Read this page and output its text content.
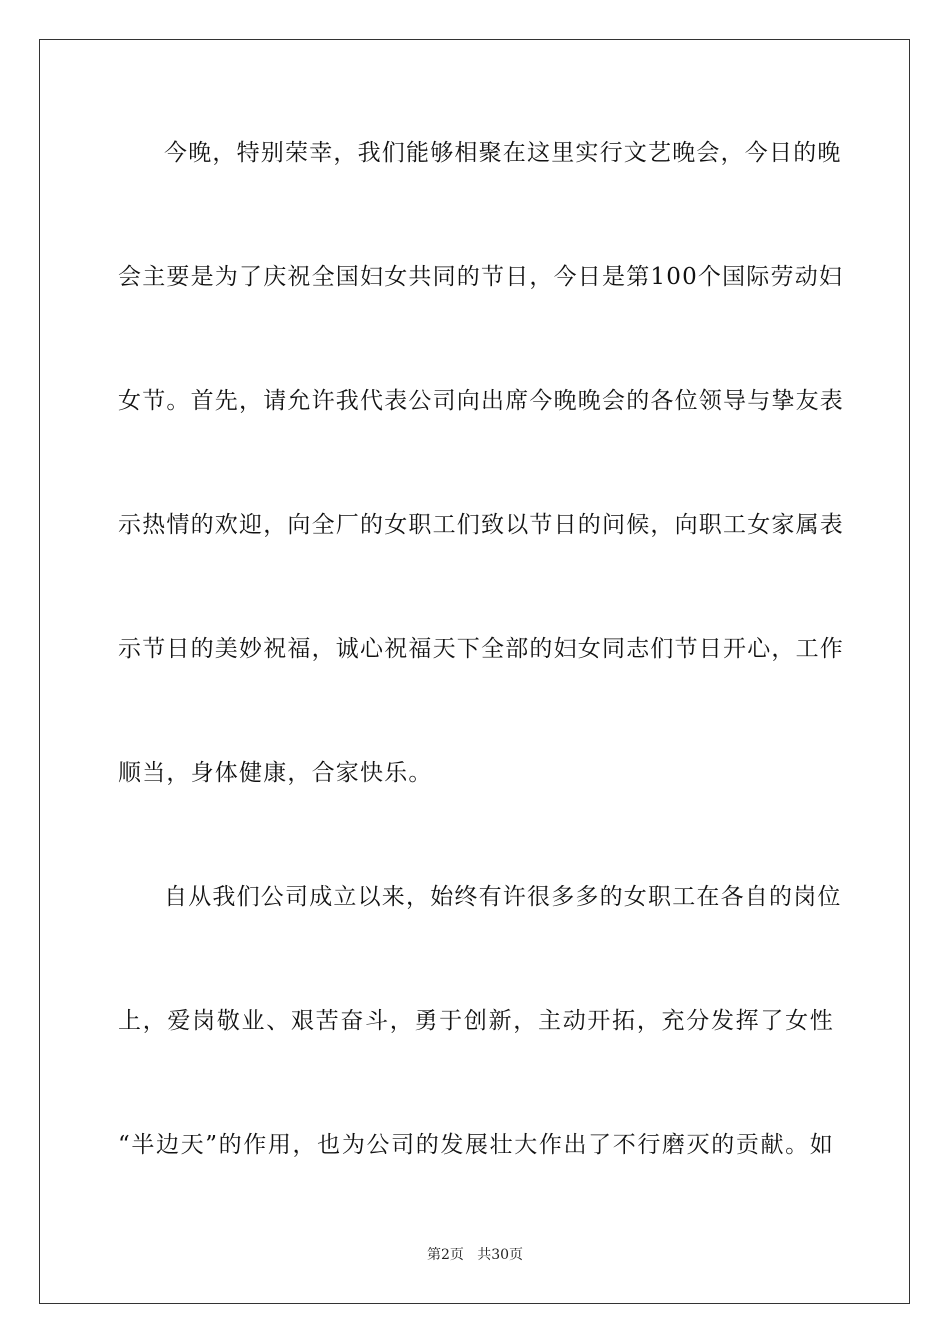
今晚，特别荣幸，我们能够相聚在这里实行文艺晚会，今日的晚
会主要是为了庆祝全国妇女共同的节日，今日是第100个国际劳动妇
女节。首先，请允许我代表公司向出席今晚晚会的各位领导与挚友表
示热情的欢迎，向全厂的女职工们致以节日的问候，向职工女家属表
示节日的美妙祝福，诚心祝福天下全部的妇女同志们节日开心，工作
顺当，身体健康，合家快乐。
自从我们公司成立以来，始终有许很多多的女职工在各自的岗位
上，爱岗敬业、艰苦奋斗，勇于创新，主动开拓，充分发挥了女性
“半边天”的作用，也为公司的发展壮大作出了不行磨灭的贡献。如
第2页   共30页
